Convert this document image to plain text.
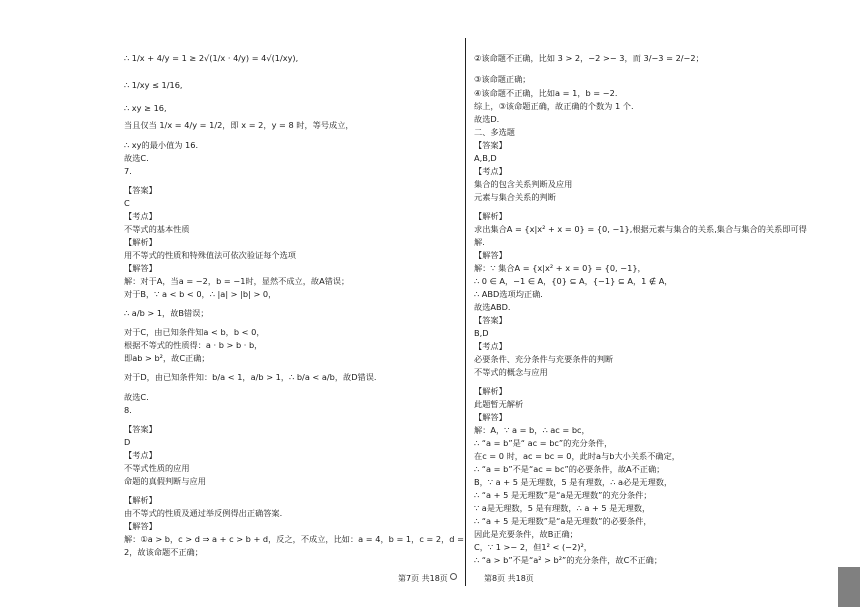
∴ 1/x + 4/y = 1 ≥ 2√(1/x · 4/y) = 4√(1/xy),
∴ 1/xy ≤ 1/16,
∴ xy ≥ 16,
当且仅当 1/x = 4/y = 1/2，即 x = 2，y = 8 时，等号成立，
∴ xy的最小值为 16.
故选C.
7.
【答案】
C
【考点】
不等式的基本性质
【解析】
用不等式的性质和特殊值法可依次验证每个选项
【解答】
解：对于A，当a = −2，b = −1时，显然不成立，故A错误；
对于B，∵ a < b < 0，∴ |a| > |b| > 0，
∴ a/b > 1，故B错误；
对于C，由已知条件知a < b，b < 0，
根据不等式的性质得：a · b > b · b，
即ab > b²，故C正确；
对于D，由已知条件知：b/a < 1，a/b > 1，∴ b/a < a/b，故D错误.
故选C.
8.
【答案】
D
【考点】
不等式性质的应用
命题的真假判断与应用
【解析】
由不等式的性质及通过举反例得出正确答案.
【解答】
解：①a > b，c > d ⇒ a + c > b + d，反之，不成立，比如：a = 4，b = 1，c = 2，d =
2，故该命题不正确；
②该命题不正确，比如 3 > 2，−2 >− 3，而 3/−3 = 2/−2；
③该命题正确；
④该命题不正确，比如a = 1，b = −2.
综上，③该命题正确，故正确的个数为 1 个.
故选D.
二、多选题
【答案】
A,B,D
【考点】
集合的包含关系判断及应用
元素与集合关系的判断
【解析】
求出集合A = {x|x² + x = 0} = {0, −1},根据元素与集合的关系,集合与集合的关系即可得
解.
【解答】
解：∵ 集合A = {x|x² + x = 0} = {0, −1}，
∴ 0 ∈ A，−1 ∈ A，{0} ⊆ A，{−1} ⊆ A，1 ∉ A，
∴ ABD选项均正确.
故选ABD.
【答案】
B,D
【考点】
必要条件、充分条件与充要条件的判断
不等式的概念与应用
【解析】
此题暂无解析
【解答】
解：A，∵ a = b，∴ ac = bc，
∴ “a = b”是“ ac = bc”的充分条件，
在c = 0 时，ac = bc = 0，此时a与b大小关系不确定，
∴ “a = b”不是“ac = bc”的必要条件，故A不正确；
B，∵ a + 5 是无理数，5 是有理数，∴ a必是无理数，
∴ “a + 5 是无理数”是“a是无理数”的充分条件；
∵ a是无理数，5 是有理数，∴ a + 5 是无理数，
∴ “a + 5 是无理数”是“a是无理数”的必要条件，
因此是充要条件，故B正确；
C，∵ 1 >− 2，但1² < (−2)²，
∴ “a > b”不是“a² > b²”的充分条件，故C不正确；
第7页 共18页	第8页 共18页
